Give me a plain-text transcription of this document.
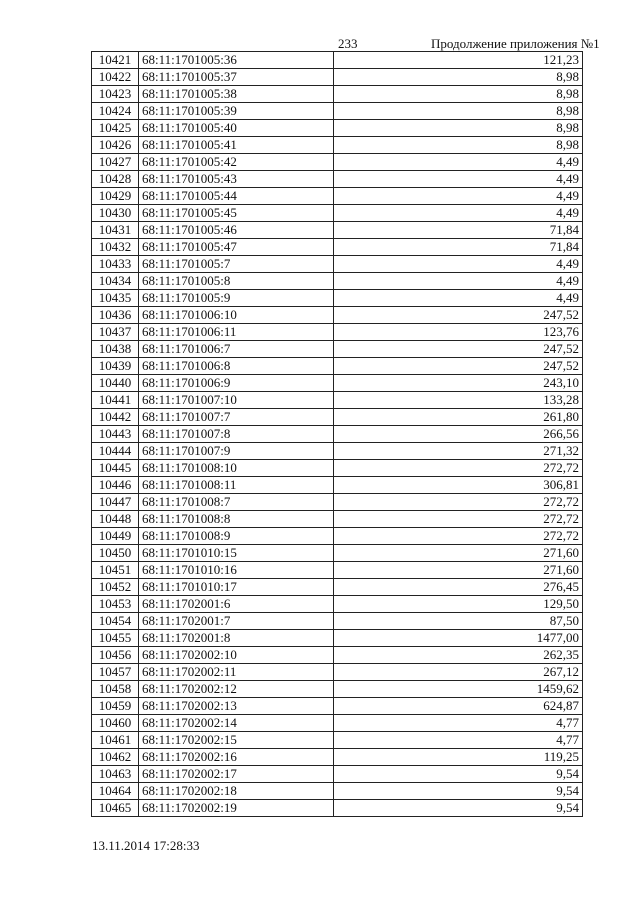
233	Продолжение приложения №1
10421	68:11:1701005:36	121,23
10422	68:11:1701005:37	8,98
10423	68:11:1701005:38	8,98
10424	68:11:1701005:39	8,98
10425	68:11:1701005:40	8,98
10426	68:11:1701005:41	8,98
10427	68:11:1701005:42	4,49
10428	68:11:1701005:43	4,49
10429	68:11:1701005:44	4,49
10430	68:11:1701005:45	4,49
10431	68:11:1701005:46	71,84
10432	68:11:1701005:47	71,84
10433	68:11:1701005:7	4,49
10434	68:11:1701005:8	4,49
10435	68:11:1701005:9	4,49
10436	68:11:1701006:10	247,52
10437	68:11:1701006:11	123,76
10438	68:11:1701006:7	247,52
10439	68:11:1701006:8	247,52
10440	68:11:1701006:9	243,10
10441	68:11:1701007:10	133,28
10442	68:11:1701007:7	261,80
10443	68:11:1701007:8	266,56
10444	68:11:1701007:9	271,32
10445	68:11:1701008:10	272,72
10446	68:11:1701008:11	306,81
10447	68:11:1701008:7	272,72
10448	68:11:1701008:8	272,72
10449	68:11:1701008:9	272,72
10450	68:11:1701010:15	271,60
10451	68:11:1701010:16	271,60
10452	68:11:1701010:17	276,45
10453	68:11:1702001:6	129,50
10454	68:11:1702001:7	87,50
10455	68:11:1702001:8	1477,00
10456	68:11:1702002:10	262,35
10457	68:11:1702002:11	267,12
10458	68:11:1702002:12	1459,62
10459	68:11:1702002:13	624,87
10460	68:11:1702002:14	4,77
10461	68:11:1702002:15	4,77
10462	68:11:1702002:16	119,25
10463	68:11:1702002:17	9,54
10464	68:11:1702002:18	9,54
10465	68:11:1702002:19	9,54
13.11.2014 17:28:33
